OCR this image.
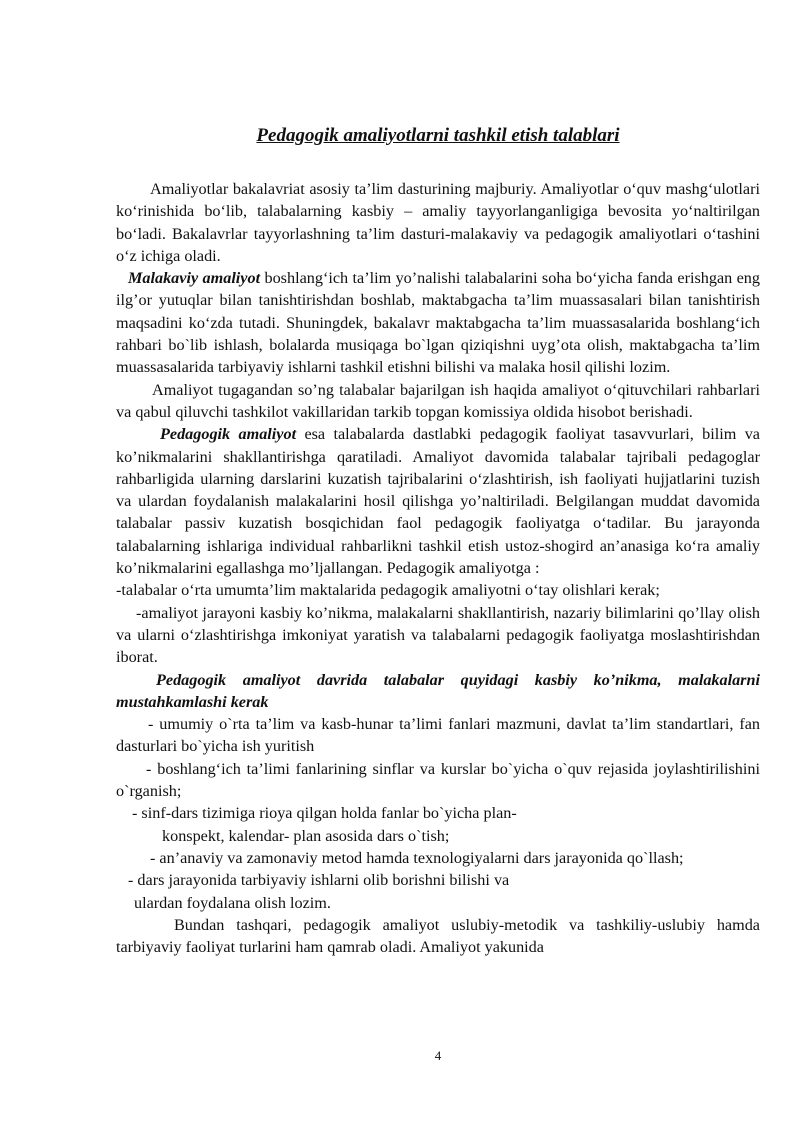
Pedagogik amaliyotlarni tashkil etish talablari

Amaliyotlar bakalavriat asosiy ta’lim dasturining majburiy. Amaliyotlar o‘quv mashg‘ulotlari ko‘rinishida bo‘lib, talabalarning kasbiy – amaliy tayyorlanganligiga bevosita yo‘naltirilgan bo‘ladi. Bakalavrlar tayyorlashning ta’lim dasturi-malakaviy va pedagogik amaliyotlari o‘tashini o‘z ichiga oladi.

Malakaviy amaliyot boshlang‘ich ta’lim yo’nalishi talabalarini soha bo‘yicha fanda erishgan eng ilg’or yutuqlar bilan tanishtirishdan boshlab, maktabgacha ta’lim muassasalari bilan tanishtirish maqsadini ko‘zda tutadi. Shuningdek, bakalavr maktabgacha ta’lim muassasalarida boshlang‘ich rahbari bo`lib ishlash, bolalarda musiqaga bo`lgan qiziqishni uyg’ota olish, maktabgacha ta’lim muassasalarida tarbiyaviy ishlarni tashkil etishni bilishi va malaka hosil qilishi lozim.

Amaliyot tugagandan so’ng talabalar bajarilgan ish haqida amaliyot o‘qituvchilari rahbarlari va qabul qiluvchi tashkilot vakillaridan tarkib topgan komissiya oldida hisobot berishadi.

Pedagogik amaliyot esa talabalarda dastlabki pedagogik faoliyat tasavvurlari, bilim va ko’nikmalarini shakllantirishga qaratiladi. Amaliyot davomida talabalar tajribali pedagoglar rahbarligida ularning darslarini kuzatish tajribalarini o‘zlashtirish, ish faoliyati hujjatlarini tuzish va ulardan foydalanish malakalarini hosil qilishga yo’naltiriladi. Belgilangan muddat davomida talabalar passiv kuzatish bosqichidan faol pedagogik faoliyatga o‘tadilar. Bu jarayonda talabalarning ishlariga individual rahbarlikni tashkil etish ustoz-shogird an’anasiga ko‘ra amaliy ko’nikmalarini egallashga mo’ljallangan. Pedagogik amaliyotga :

-talabalar o‘rta umumta’lim maktalarida pedagogik amaliyotni o‘tay olishlari kerak;

-amaliyot jarayoni kasbiy ko’nikma, malakalarni shakllantirish, nazariy bilimlarini qo’llay olish va ularni o‘zlashtirishga imkoniyat yaratish va talabalarni pedagogik faoliyatga moslashtirishdan iborat.

Pedagogik amaliyot davrida talabalar quyidagi kasbiy ko’nikma, malakalarni mustahkamlashi kerak

- umumiy o`rta ta’lim va kasb-hunar ta’limi fanlari mazmuni, davlat ta’lim standartlari, fan dasturlari bo`yicha ish yuritish

- boshlang‘ich ta’limi fanlarining sinflar va kurslar bo`yicha o`quv rejasida joylashtirilishini o`rganish;

- sinf-dars tizimiga rioya qilgan holda fanlar bo`yicha plan-

konspekt, kalendar- plan asosida dars o`tish;

- an’anaviy va zamonaviy metod hamda texnologiyalarni dars jarayonida qo`llash;

- dars jarayonida tarbiyaviy ishlarni olib borishni bilishi va

ulardan foydalana olish lozim.

Bundan tashqari, pedagogik amaliyot uslubiy-metodik va tashkiliy-uslubiy hamda tarbiyaviy faoliyat turlarini ham qamrab oladi. Amaliyot yakunida

4
